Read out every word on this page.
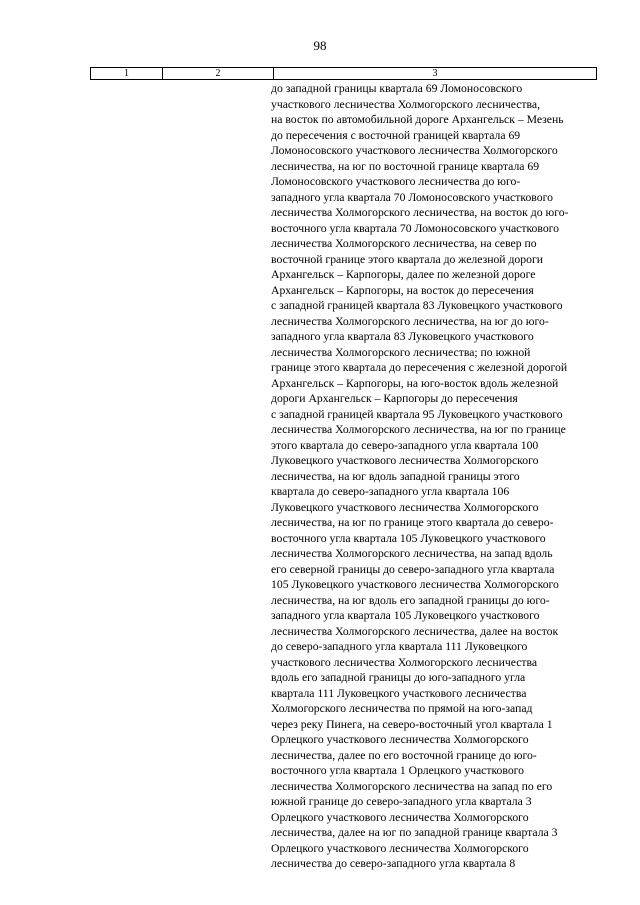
98
1	2	3
до западной границы квартала 69 Ломоносовского
участкового лесничества Холмогорского лесничества,
на восток по автомобильной дороге Архангельск – Мезень
до пересечения с восточной границей квартала 69
Ломоносовского участкового лесничества Холмогорского
лесничества, на юг по восточной границе квартала 69
Ломоносовского участкового лесничества до юго-
западного угла квартала 70 Ломоносовского участкового
лесничества Холмогорского лесничества, на восток до юго-
восточного угла квартала 70 Ломоносовского участкового
лесничества Холмогорского лесничества, на север по
восточной границе этого квартала до железной дороги
Архангельск – Карпогоры, далее по железной дороге
Архангельск – Карпогоры, на восток до пересечения
с западной границей квартала 83 Луковецкого участкового
лесничества Холмогорского лесничества, на юг до юго-
западного угла квартала 83 Луковецкого участкового
лесничества Холмогорского лесничества; по южной
границе этого квартала до пересечения с железной дорогой
Архангельск – Карпогоры, на юго-восток вдоль железной
дороги Архангельск – Карпогоры до пересечения
с западной границей квартала 95 Луковецкого участкового
лесничества Холмогорского лесничества, на юг по границе
этого квартала до северо-западного угла квартала 100
Луковецкого участкового лесничества Холмогорского
лесничества, на юг вдоль западной границы этого
квартала до северо-западного угла квартала 106
Луковецкого участкового лесничества Холмогорского
лесничества, на юг по границе этого квартала до северо-
восточного угла квартала 105 Луковецкого участкового
лесничества Холмогорского лесничества, на запад вдоль
его северной границы до северо-западного угла квартала
105 Луковецкого участкового лесничества Холмогорского
лесничества, на юг вдоль его западной границы до юго-
западного угла квартала 105 Луковецкого участкового
лесничества Холмогорского лесничества, далее на восток
до северо-западного угла квартала 111 Луковецкого
участкового лесничества Холмогорского лесничества
вдоль его западной границы до юго-западного угла
квартала 111 Луковецкого участкового лесничества
Холмогорского лесничества по прямой на юго-запад
через реку Пинега, на северо-восточный угол квартала 1
Орлецкого участкового лесничества Холмогорского
лесничества, далее по его восточной границе до юго-
восточного угла квартала 1 Орлецкого участкового
лесничества Холмогорского лесничества на запад по его
южной границе до северо-западного угла квартала 3
Орлецкого участкового лесничества Холмогорского
лесничества, далее на юг по западной границе квартала 3
Орлецкого участкового лесничества Холмогорского
лесничества до северо-западного угла квартала 8
